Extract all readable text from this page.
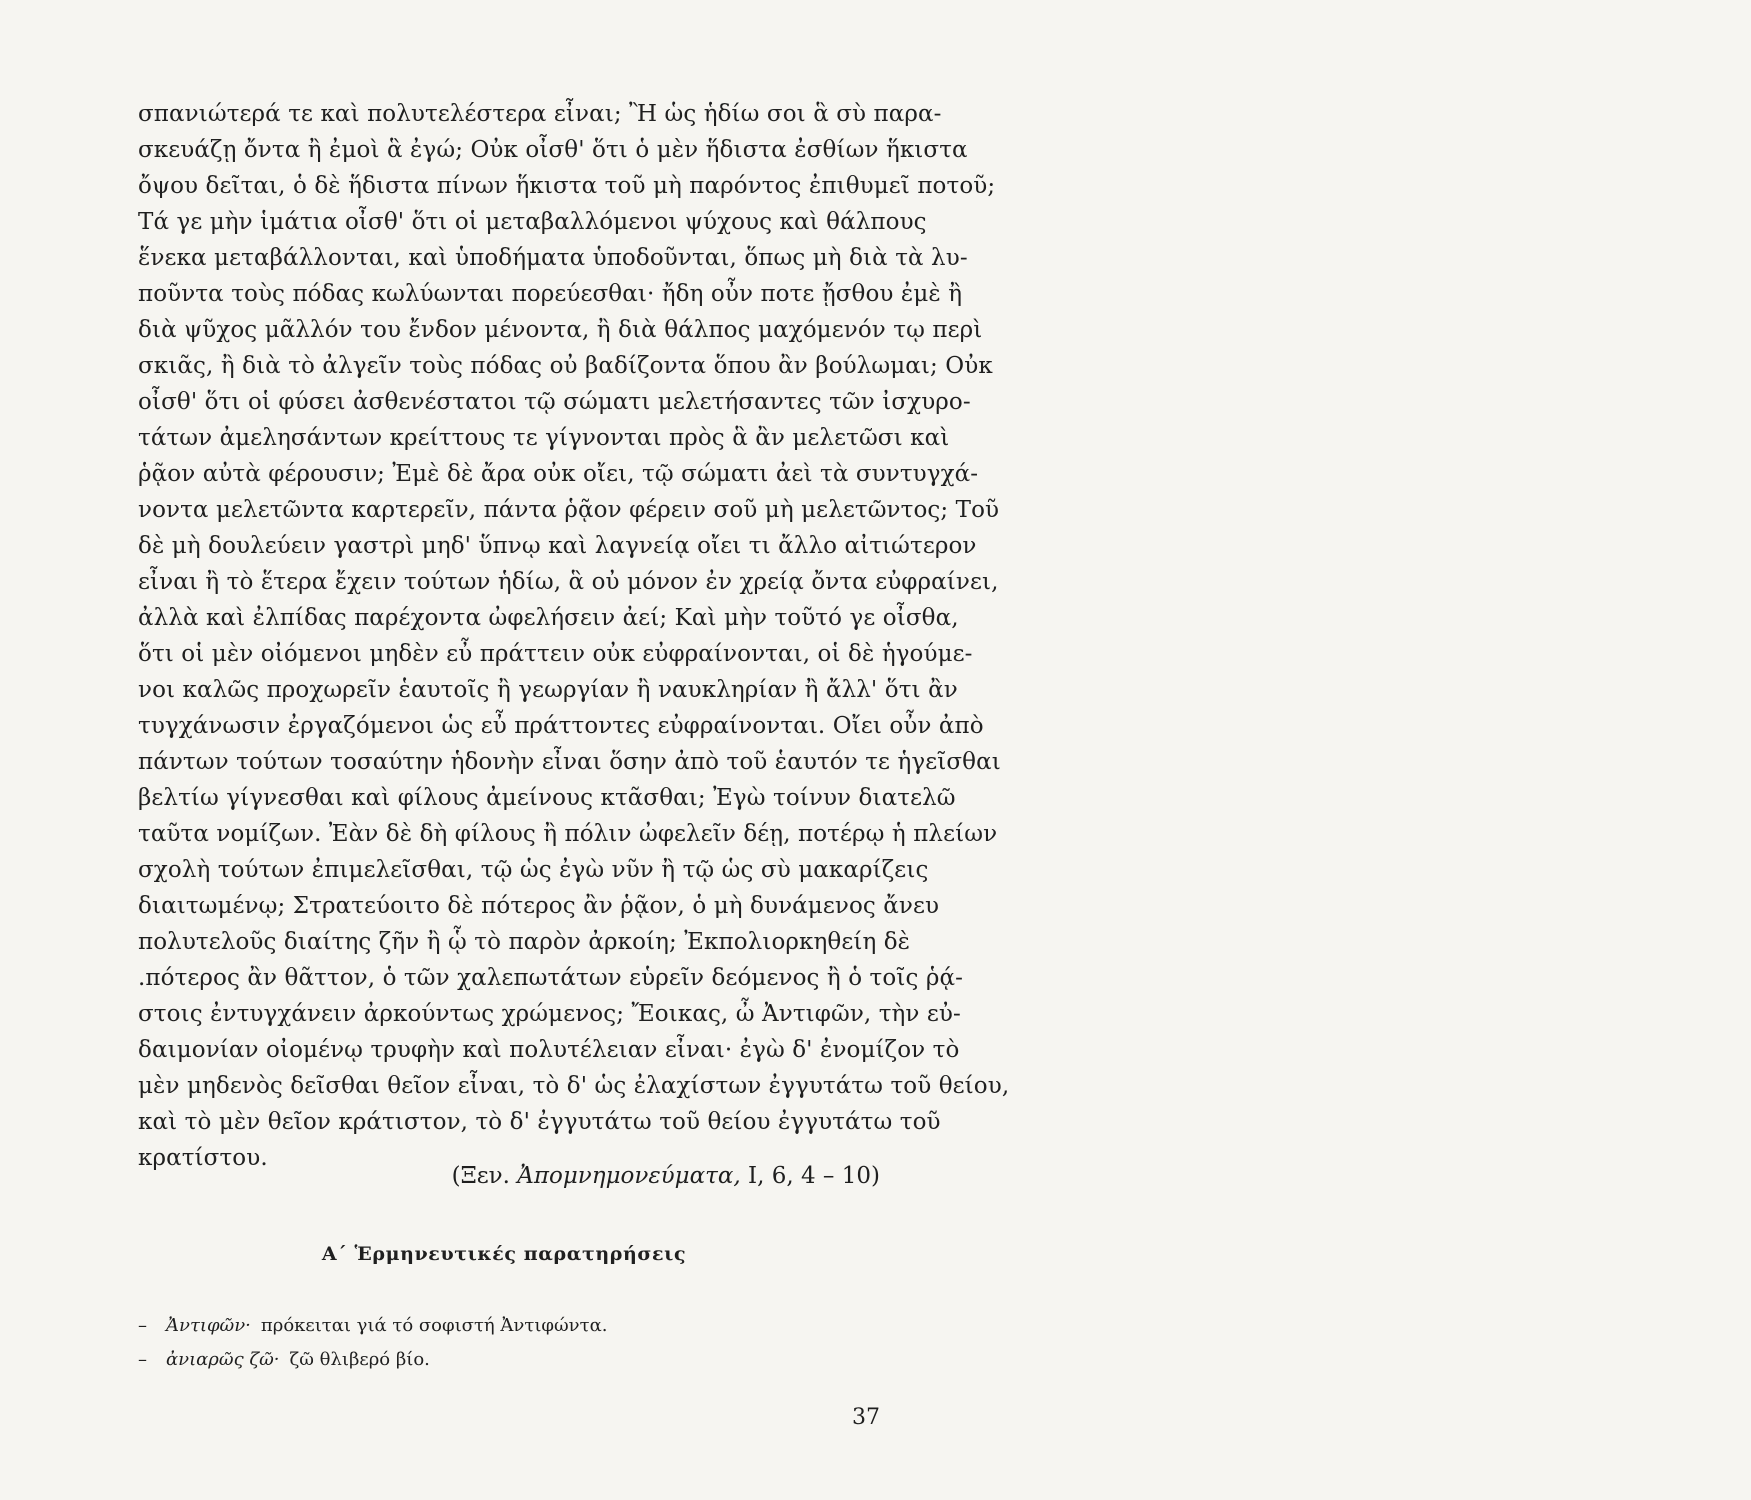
σπανιώτερά τε καὶ πολυτελέστερα εἶναι; Ἢ ὡς ἡδίω σοι ἃ σὺ παρα-
σκευάζῃ ὄντα ἢ ἐμοὶ ἃ ἐγώ; Οὐκ οἶσθ' ὅτι ὁ μὲν ἥδιστα ἐσθίων ἥκιστα
ὄψου δεῖται, ὁ δὲ ἥδιστα πίνων ἥκιστα τοῦ μὴ παρόντος ἐπιθυμεῖ ποτοῦ;
Τά γε μὴν ἱμάτια οἶσθ' ὅτι οἱ μεταβαλλόμενοι ψύχους καὶ θάλπους
ἕνεκα μεταβάλλονται, καὶ ὑποδήματα ὑποδοῦνται, ὅπως μὴ διὰ τὰ λυ-
ποῦντα τοὺς πόδας κωλύωνται πορεύεσθαι· ἤδη οὖν ποτε ᾔσθου ἐμὲ ἢ
διὰ ψῦχος μᾶλλόν του ἔνδον μένοντα, ἢ διὰ θάλπος μαχόμενόν τῳ περὶ
σκιᾶς, ἢ διὰ τὸ ἀλγεῖν τοὺς πόδας οὐ βαδίζοντα ὅπου ἂν βούλωμαι; Οὐκ
οἶσθ' ὅτι οἱ φύσει ἀσθενέστατοι τῷ σώματι μελετήσαντες τῶν ἰσχυρο-
τάτων ἀμελησάντων κρείττους τε γίγνονται πρὸς ἃ ἂν μελετῶσι καὶ
ῥᾷον αὐτὰ φέρουσιν; Ἐμὲ δὲ ἄρα οὐκ οἴει, τῷ σώματι ἀεὶ τὰ συντυγχά-
νοντα μελετῶντα καρτερεῖν, πάντα ῥᾷον φέρειν σοῦ μὴ μελετῶντος; Τοῦ
δὲ μὴ δουλεύειν γαστρὶ μηδ' ὕπνῳ καὶ λαγνείᾳ οἴει τι ἄλλο αἰτιώτερον
εἶναι ἢ τὸ ἕτερα ἔχειν τούτων ἡδίω, ἃ οὐ μόνον ἐν χρείᾳ ὄντα εὐφραίνει,
ἀλλὰ καὶ ἐλπίδας παρέχοντα ὠφελήσειν ἀεί; Καὶ μὴν τοῦτό γε οἶσθα,
ὅτι οἱ μὲν οἰόμενοι μηδὲν εὖ πράττειν οὐκ εὐφραίνονται, οἱ δὲ ἡγούμε-
νοι καλῶς προχωρεῖν ἑαυτοῖς ἢ γεωργίαν ἢ ναυκληρίαν ἢ ἄλλ' ὅτι ἂν
τυγχάνωσιν ἐργαζόμενοι ὡς εὖ πράττοντες εὐφραίνονται. Οἴει οὖν ἀπὸ
πάντων τούτων τοσαύτην ἡδονὴν εἶναι ὅσην ἀπὸ τοῦ ἑαυτόν τε ἡγεῖσθαι
βελτίω γίγνεσθαι καὶ φίλους ἀμείνους κτᾶσθαι; Ἐγὼ τοίνυν διατελῶ
ταῦτα νομίζων. Ἐὰν δὲ δὴ φίλους ἢ πόλιν ὠφελεῖν δέῃ, ποτέρῳ ἡ πλείων
σχολὴ τούτων ἐπιμελεῖσθαι, τῷ ὡς ἐγὼ νῦν ἢ τῷ ὡς σὺ μακαρίζεις
διαιτωμένῳ; Στρατεύοιτο δὲ πότερος ἂν ῥᾷον, ὁ μὴ δυνάμενος ἄνευ
πολυτελοῦς διαίτης ζῆν ἢ ᾧ τὸ παρὸν ἀρκοίη; Ἐκπολιορκηθείη δὲ
.πότερος ἂν θᾶττον, ὁ τῶν χαλεπωτάτων εὑρεῖν δεόμενος ἢ ὁ τοῖς ῥᾴ-
στοις ἐντυγχάνειν ἀρκούντως χρώμενος; Ἔοικας, ὦ Ἀντιφῶν, τὴν εὐ-
δαιμονίαν οἰομένῳ τρυφὴν καὶ πολυτέλειαν εἶναι· ἐγὼ δ' ἐνομίζον τὸ
μὲν μηδενὸς δεῖσθαι θεῖον εἶναι, τὸ δ' ὡς ἐλαχίστων ἐγγυτάτω τοῦ θείου,
καὶ τὸ μὲν θεῖον κράτιστον, τὸ δ' ἐγγυτάτω τοῦ θείου ἐγγυτάτω τοῦ
κρατίστου.
(Ξεν. Ἀπομνημονεύματα, I, 6, 4 – 10)
Α΄ Ἑρμηνευτικές παρατηρήσεις
– Ἀντιφῶν· πρόκειται γιά τό σοφιστή Ἀντιφώντα.
– ἀνιαρῶς ζῶ· ζῶ θλιβερό βίο.
37
